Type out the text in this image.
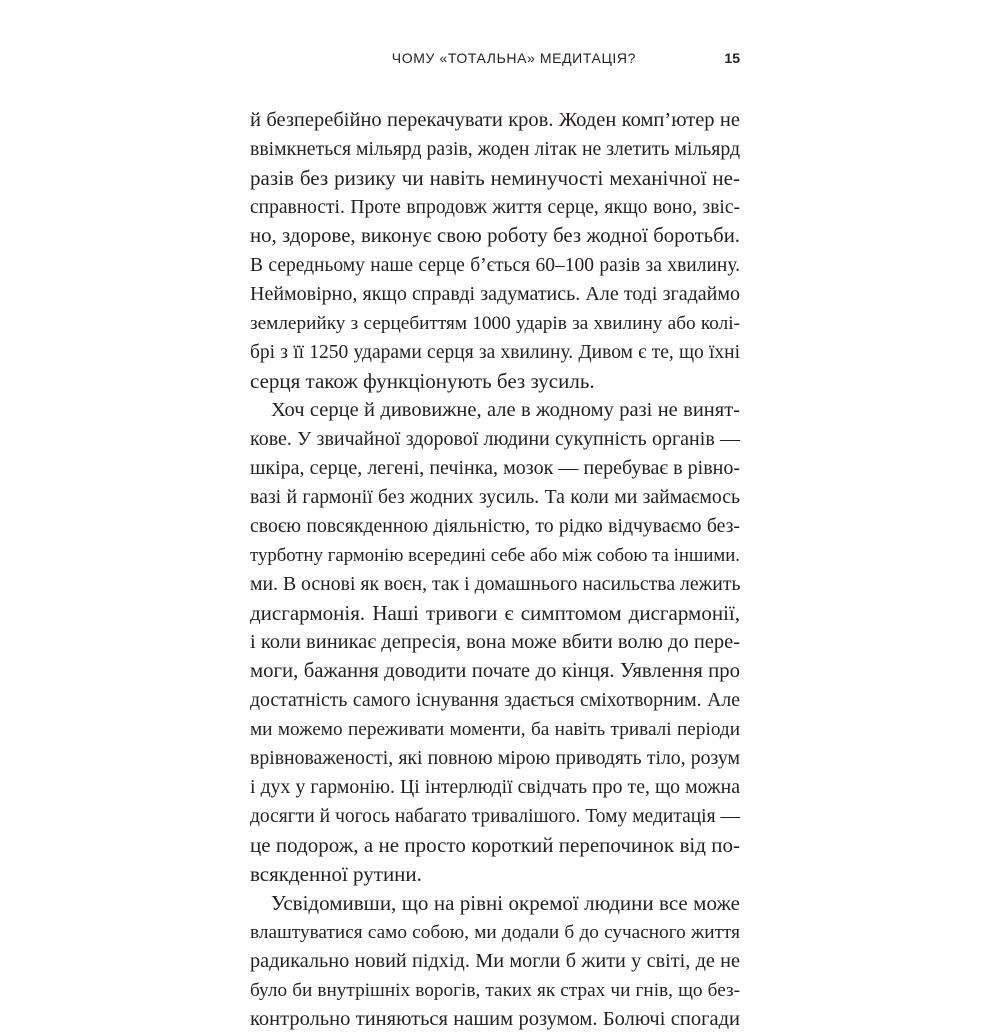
ЧОМУ «ТОТАЛЬНА» МЕДИТАЦІЯ?	15
й безперебійно перекачувати кров. Жоден комп’ютер не
ввімкнеться мільярд разів, жоден літак не злетить мільярд
разів без ризику чи навіть неминучості механічної не-
справності. Проте впродовж життя серце, якщо воно, звіс-
но, здорове, виконує свою роботу без жодної боротьби.
В середньому наше серце б’ється 60–100 разів за хвилину.
Неймовірно, якщо справді задуматись. Але тоді згадаймо
землерийку з серцебиттям 1000 ударів за хвилину або колі-
брі з її 1250 ударами серця за хвилину. Дивом є те, що їхні
серця також функціонують без зусиль.
Хоч серце й дивовижне, але в жодному разі не винят-
кове. У звичайної здорової людини сукупність органів —
шкіра, серце, легені, печінка, мозок — перебуває в рівно-
вазі й гармонії без жодних зусиль. Та коли ми займаємось
своєю повсякденною діяльністю, то рідко відчуваємо без-
турботну гармонію всередині себе або між собою та іншими.
ми. В основі як воєн, так і домашнього насильства лежить
дисгармонія. Наші тривоги є симптомом дисгармонії,
і коли виникає депресія, вона може вбити волю до пере-
моги, бажання доводити почате до кінця. Уявлення про
достатність самого існування здається сміхотворним. Але
ми можемо переживати моменти, ба навіть тривалі періоди
врівноваженості, які повною мірою приводять тіло, розум
і дух у гармонію. Ці інтерлюдії свідчать про те, що можна
досягти й чогось набагато тривалішого. Тому медитація —
це подорож, а не просто короткий перепочинок від по-
всякденної рутини.
Усвідомивши, що на рівні окремої людини все може
влаштуватися само собою, ми додали б до сучасного життя
радикально новий підхід. Ми могли б жити у світі, де не
було би внутрішніх ворогів, таких як страх чи гнів, що без-
контрольно тиняються нашим розумом. Болючі спогади
